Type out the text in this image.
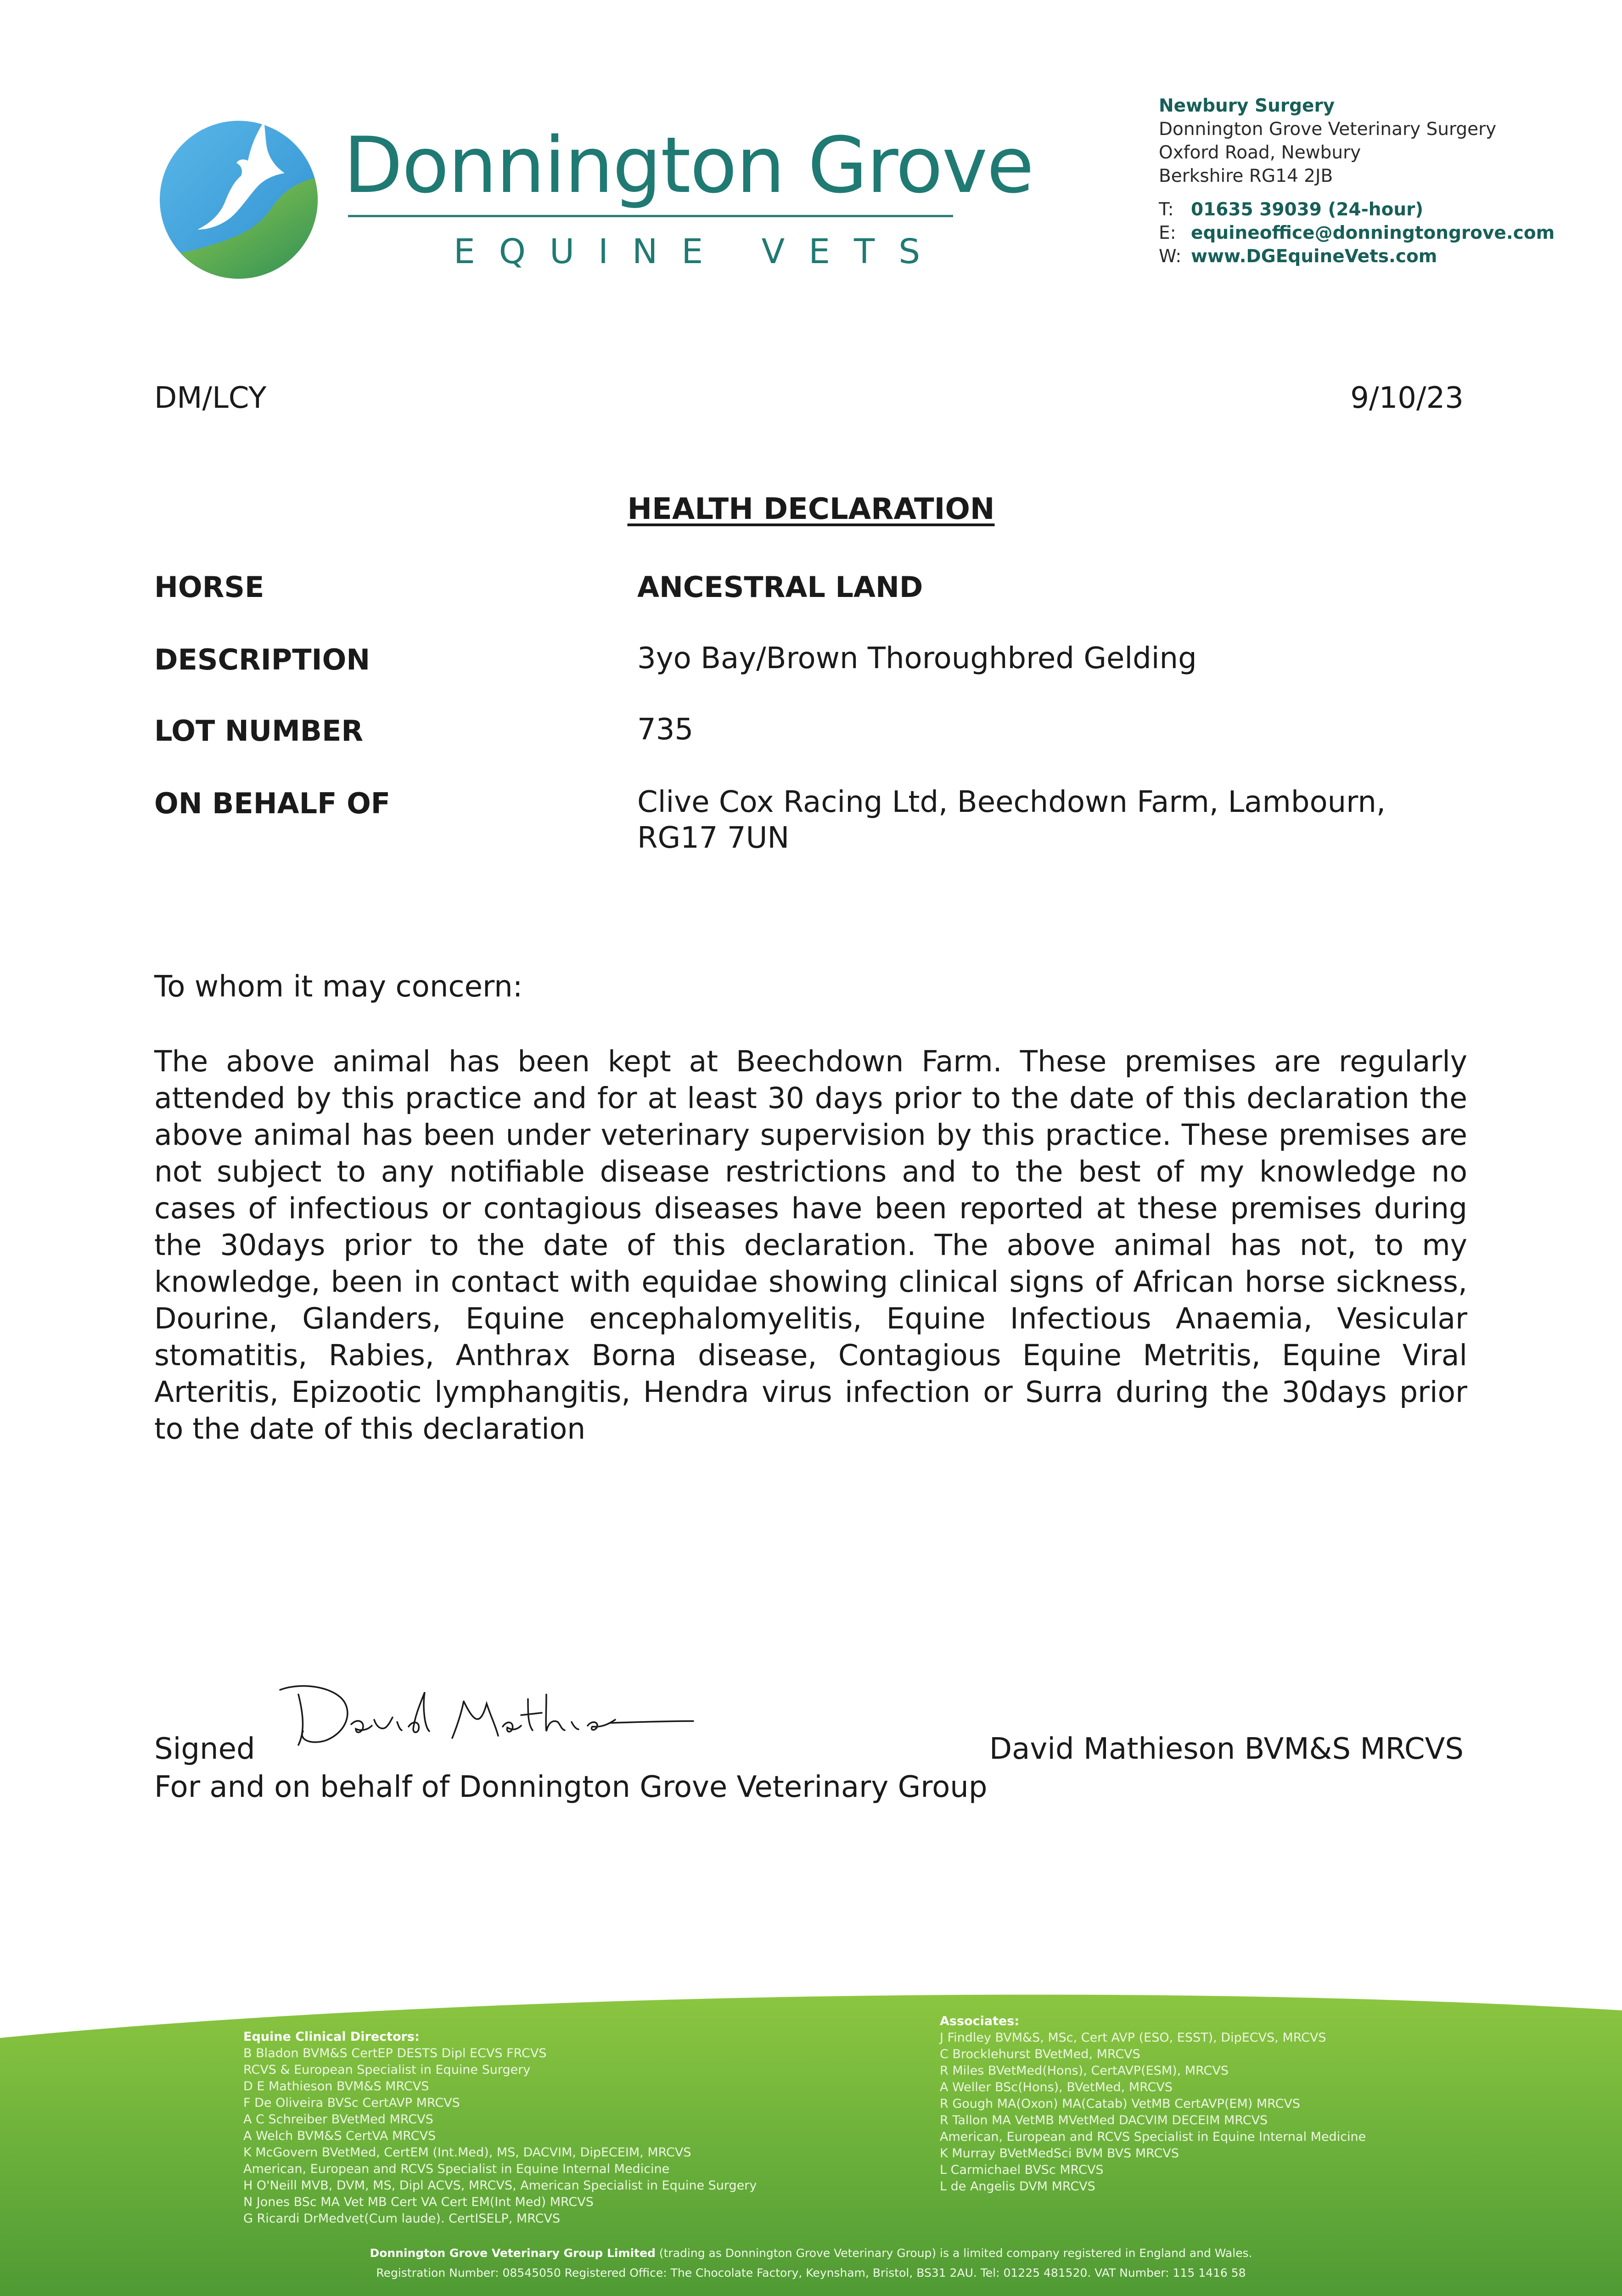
Donnington Grove
EQUINE VETS
Newbury Surgery
Donnington Grove Veterinary Surgery
Oxford Road, Newbury
Berkshire RG14 2JB
T: 01635 39039 (24-hour)
E: equineoffice@donningtongrove.com
W: www.DGEquineVets.com
DM/LCY	9/10/23
HEALTH DECLARATION
HORSE	ANCESTRAL LAND
DESCRIPTION	3yo Bay/Brown Thoroughbred Gelding
LOT NUMBER	735
ON BEHALF OF	Clive Cox Racing Ltd, Beechdown Farm, Lambourn, RG17 7UN
To whom it may concern:
The above animal has been kept at Beechdown Farm. These premises are regularly attended by this practice and for at least 30 days prior to the date of this declaration the above animal has been under veterinary supervision by this practice. These premises are not subject to any notifiable disease restrictions and to the best of my knowledge no cases of infectious or contagious diseases have been reported at these premises during the 30days prior to the date of this declaration. The above animal has not, to my knowledge, been in contact with equidae showing clinical signs of African horse sickness, Dourine, Glanders, Equine encephalomyelitis, Equine Infectious Anaemia, Vesicular stomatitis, Rabies, Anthrax Borna disease, Contagious Equine Metritis, Equine Viral Arteritis, Epizootic lymphangitis, Hendra virus infection or Surra during the 30days prior to the date of this declaration
Signed	David Mathieson BVM&S MRCVS
For and on behalf of Donnington Grove Veterinary Group
Equine Clinical Directors:
B Bladon BVM&S CertEP DESTS Dipl ECVS FRCVS
RCVS & European Specialist in Equine Surgery
D E Mathieson BVM&S MRCVS
F De Oliveira BVSc CertAVP MRCVS
A C Schreiber BVetMed MRCVS
A Welch BVM&S CertVA MRCVS
K McGovern BVetMed, CertEM (Int.Med), MS, DACVIM, DipECEIM, MRCVS
American, European and RCVS Specialist in Equine Internal Medicine
H O'Neill MVB, DVM, MS, Dipl ACVS, MRCVS, American Specialist in Equine Surgery
N Jones BSc MA Vet MB Cert VA Cert EM(Int Med) MRCVS
G Ricardi DrMedvet(Cum laude). CertISELP, MRCVS
Associates:
J Findley BVM&S, MSc, Cert AVP (ESO, ESST), DipECVS, MRCVS
C Brocklehurst BVetMed, MRCVS
R Miles BVetMed(Hons), CertAVP(ESM), MRCVS
A Weller BSc(Hons), BVetMed, MRCVS
R Gough MA(Oxon) MA(Catab) VetMB CertAVP(EM) MRCVS
R Tallon MA VetMB MVetMed DACVIM DECEIM MRCVS
American, European and RCVS Specialist in Equine Internal Medicine
K Murray BVetMedSci BVM BVS MRCVS
L Carmichael BVSc MRCVS
L de Angelis DVM MRCVS
Donnington Grove Veterinary Group Limited (trading as Donnington Grove Veterinary Group) is a limited company registered in England and Wales.
Registration Number: 08545050 Registered Office: The Chocolate Factory, Keynsham, Bristol, BS31 2AU. Tel: 01225 481520. VAT Number: 115 1416 58
